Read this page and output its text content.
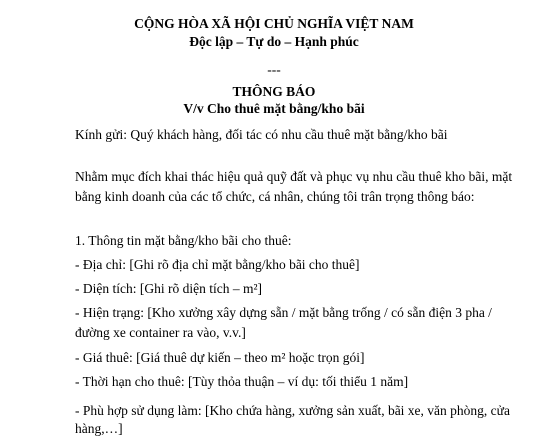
CỘNG HÒA XÃ HỘI CHỦ NGHĨA VIỆT NAM
Độc lập – Tự do – Hạnh phúc
---
THÔNG BÁO
V/v Cho thuê mặt bằng/kho bãi
Kính gửi: Quý khách hàng, đối tác có nhu cầu thuê mặt bằng/kho bãi
Nhằm mục đích khai thác hiệu quả quỹ đất và phục vụ nhu cầu thuê kho bãi, mặt
bằng kinh doanh của các tổ chức, cá nhân, chúng tôi trân trọng thông báo:
1. Thông tin mặt bằng/kho bãi cho thuê:
- Địa chỉ: [Ghi rõ địa chỉ mặt bằng/kho bãi cho thuê]
- Diện tích: [Ghi rõ diện tích – m²]
- Hiện trạng: [Kho xưởng xây dựng sẵn / mặt bằng trống / có sẵn điện 3 pha /
đường xe container ra vào, v.v.]
- Giá thuê: [Giá thuê dự kiến – theo m² hoặc trọn gói]
- Thời hạn cho thuê: [Tùy thỏa thuận – ví dụ: tối thiểu 1 năm]
- Phù hợp sử dụng làm: [Kho chứa hàng, xưởng sản xuất, bãi xe, văn phòng, cửa
hàng,…]
